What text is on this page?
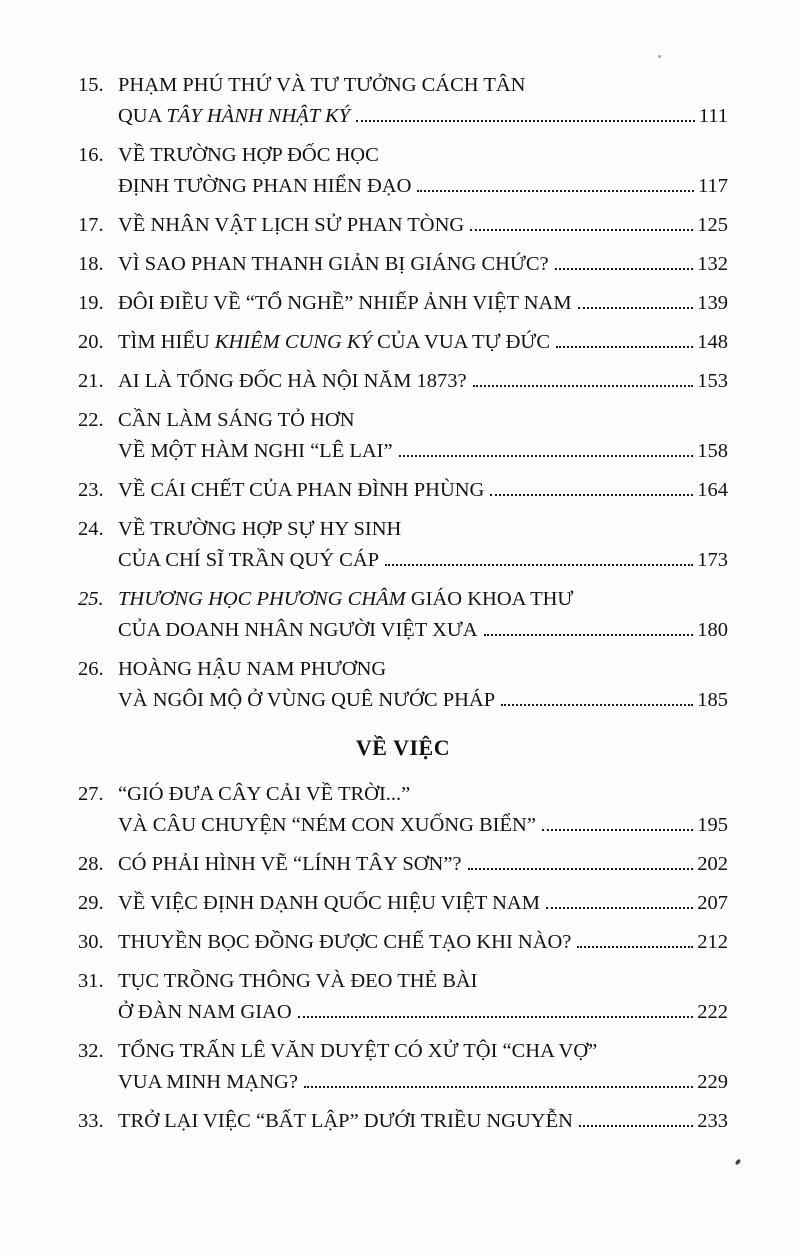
15. PHẠM PHÚ THỨ VÀ TƯ TƯỞNG CÁCH TÂN
QUA TÂY HÀNH NHẬT KÝ	111
16. VỀ TRƯỜNG HỢP ĐỐC HỌC
ĐỊNH TƯỜNG PHAN HIỂN ĐẠO	117
17. VỀ NHÂN VẬT LỊCH SỬ PHAN TÒNG	125
18. VÌ SAO PHAN THANH GIẢN BỊ GIÁNG CHỨC?	132
19. ĐÔI ĐIỀU VỀ “TỔ NGHỀ” NHIẾP ẢNH VIỆT NAM	139
20. TÌM HIỂU KHIÊM CUNG KÝ CỦA VUA TỰ ĐỨC	148
21. AI LÀ TỔNG ĐỐC HÀ NỘI NĂM 1873?	153
22. CẦN LÀM SÁNG TỎ HƠN
VỀ MỘT HÀM NGHI “LÊ LAI”	158
23. VỀ CÁI CHẾT CỦA PHAN ĐÌNH PHÙNG	164
24. VỀ TRƯỜNG HỢP SỰ HY SINH
CỦA CHÍ SĨ TRẦN QUÝ CÁP	173
25. THƯƠNG HỌC PHƯƠNG CHÂM GIÁO KHOA THƯ
CỦA DOANH NHÂN NGƯỜI VIỆT XƯA	180
26. HOÀNG HẬU NAM PHƯƠNG
VÀ NGÔI MỘ Ở VÙNG QUÊ NƯỚC PHÁP	185
VỀ VIỆC
27. “GIÓ ĐƯA CÂY CẢI VỀ TRỜI...”
VÀ CÂU CHUYỆN “NÉM CON XUỐNG BIỂN”	195
28. CÓ PHẢI HÌNH VẼ “LÍNH TÂY SƠN”?	202
29. VỀ VIỆC ĐỊNH DẠNH QUỐC HIỆU VIỆT NAM	207
30. THUYỀN BỌC ĐỒNG ĐƯỢC CHẾ TẠO KHI NÀO?	212
31. TỤC TRỒNG THÔNG VÀ ĐEO THẺ BÀI
Ở ĐÀN NAM GIAO	222
32. TỔNG TRẤN LÊ VĂN DUYỆT CÓ XỬ TỘI “CHA VỢ”
VUA MINH MẠNG?	229
33. TRỞ LẠI VIỆC “BẤT LẬP” DƯỚI TRIỀU NGUYỄN	233
